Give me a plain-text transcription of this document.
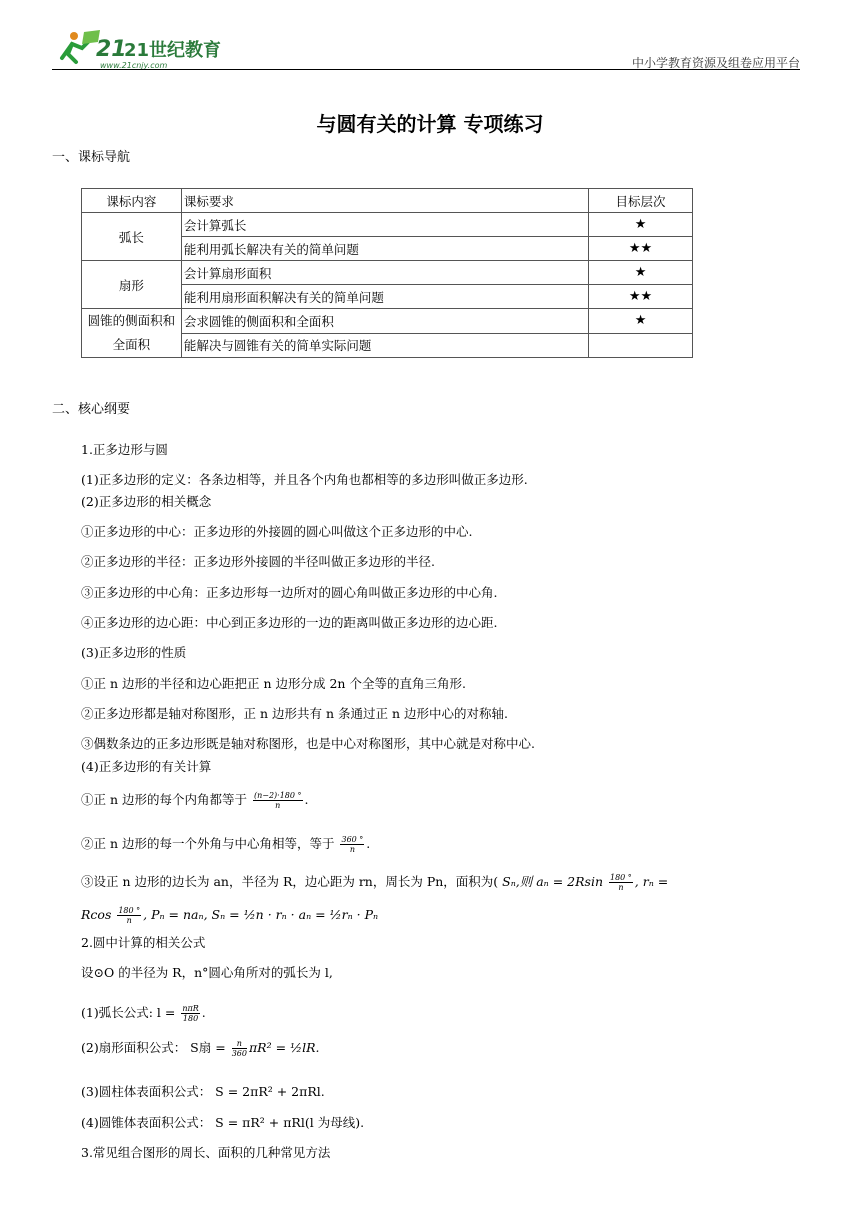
21
21世纪教育
www.21cnjy.com	中小学教育资源及组卷应用平台
与圆有关的计算 专项练习
一、课标导航
课标内容	课标要求	目标层次
弧长	会计算弧长	★
	能利用弧长解决有关的简单问题	★★
扇形	会计算扇形面积	★
	能利用扇形面积解决有关的简单问题	★★
圆锥的侧面积和
全面积	会求圆锥的侧面积和全面积	★
	能解决与圆锥有关的简单实际问题	
二、核心纲要
1.正多边形与圆
(1)正多边形的定义：各条边相等，并且各个内角也都相等的多边形叫做正多边形.
(2)正多边形的相关概念
①正多边形的中心：正多边形的外接圆的圆心叫做这个正多边形的中心.
②正多边形的半径：正多边形外接圆的半径叫做正多边形的半径.
③正多边形的中心角：正多边形每一边所对的圆心角叫做正多边形的中心角.
④正多边形的边心距：中心到正多边形的一边的距离叫做正多边形的边心距.
(3)正多边形的性质
①正 n 边形的半径和边心距把正 n 边形分成 2n 个全等的直角三角形.
②正多边形都是轴对称图形，正 n 边形共有 n 条通过正 n 边形中心的对称轴.
③偶数条边的正多边形既是轴对称图形，也是中心对称图形，其中心就是对称中心.
(4)正多边形的有关计算
①正 n 边形的每个内角都等于 $\frac{(n-2)\cdot 180 ^\circ}{n}$ .
②正 n 边形的每一个外角与中心角相等，等于 $\frac{360 ^\circ}{n}$ .
③设正 n 边形的边长为 an，半径为 R，边心距为 rn，周长为 Pn，面积为( Sₙ,则 $a_n = 2Rsin \frac{180 ^\circ}{n}$ , rₙ =
Rcos $\frac{180 ^\circ}{n}$ , Pₙ = naₙ, Sₙ = ½n · rₙ · aₙ = ½rₙ · Pₙ
2.圆中计算的相关公式
设⊙O 的半径为 R，n°圆心角所对的弧长为 l,
(1)弧长公式: $l = \frac{\text{nπR}}{180}$ .
(2)扇形面积公式： S扇 = $\frac{n}{360} \pi R^2$ = ½lR.
(3)圆柱体表面积公式： S = 2πR² + 2πRl.
(4)圆锥体表面积公式： S = πR² + πRl(l 为母线).
3.常见组合图形的周长、面积的几种常见方法
